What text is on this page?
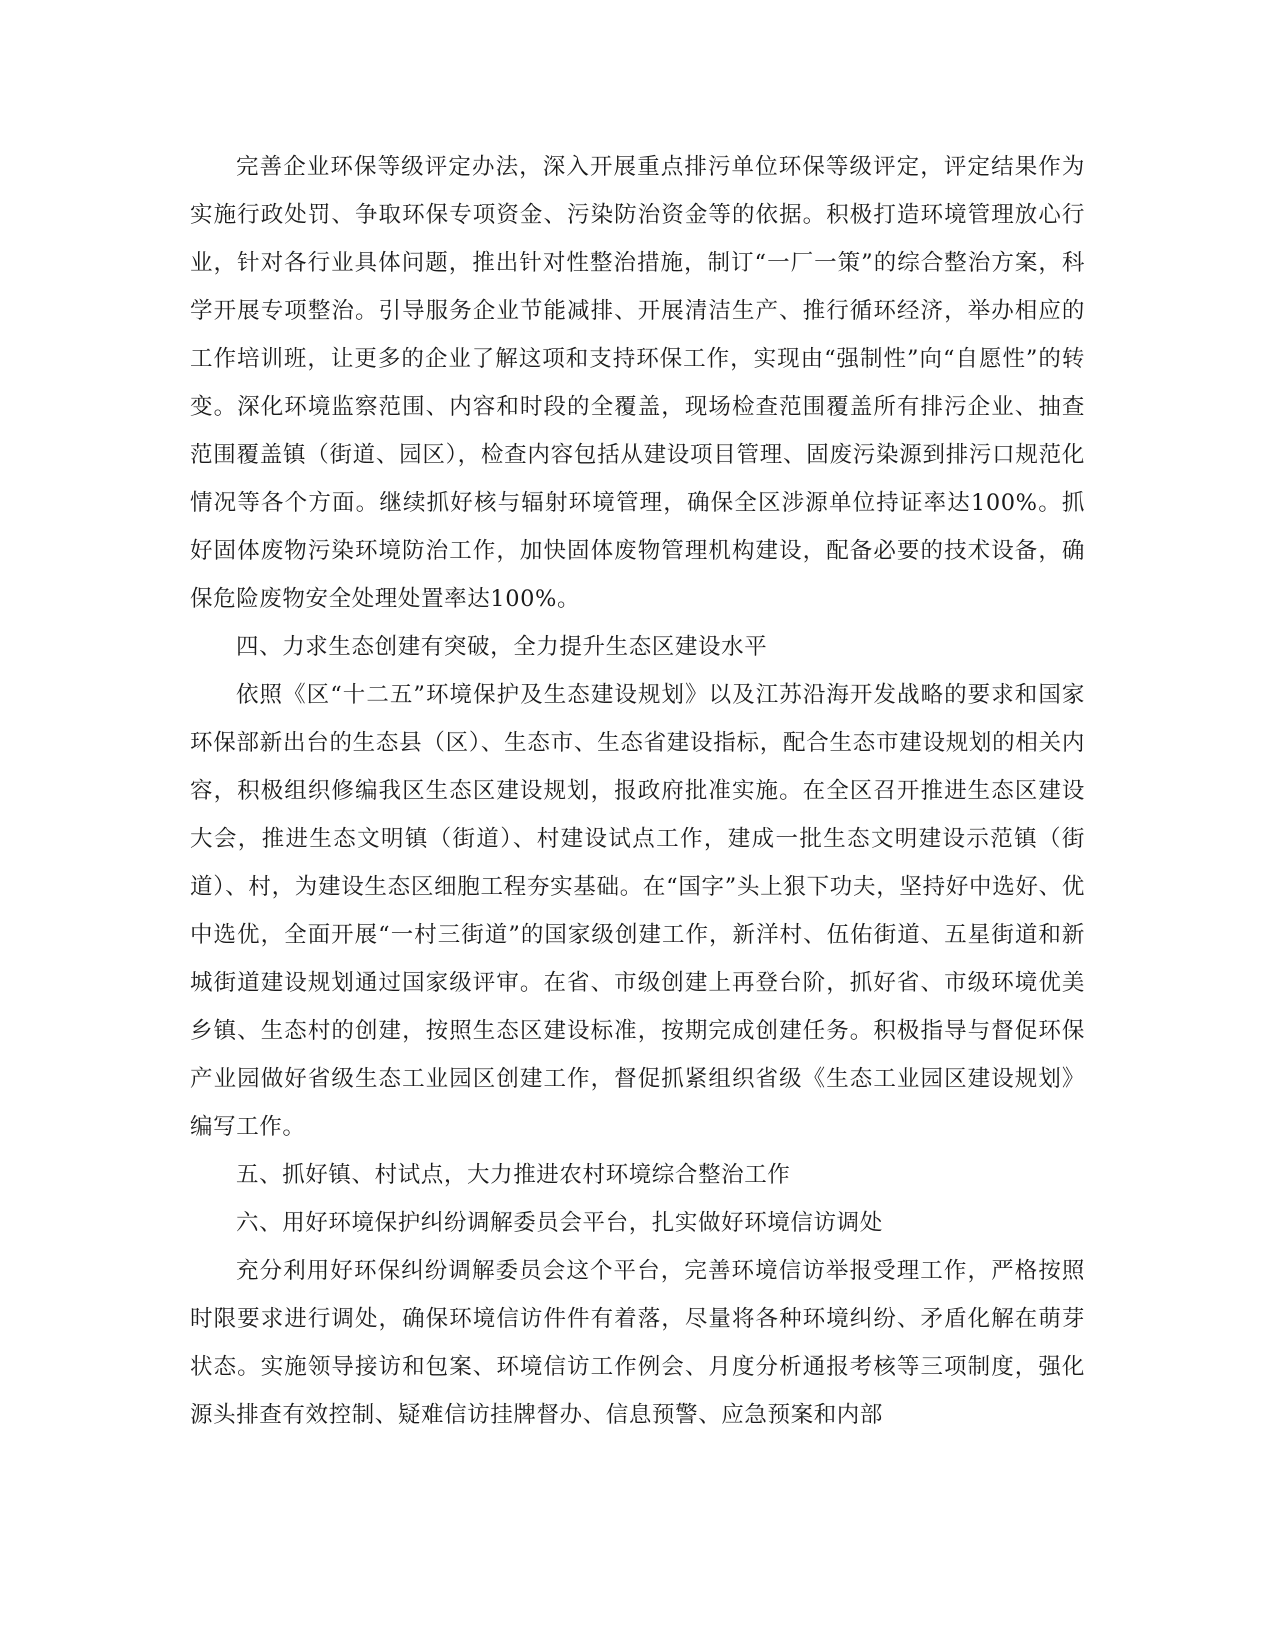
完善企业环保等级评定办法，深入开展重点排污单位环保等级评定，评定结果作为实施行政处罚、争取环保专项资金、污染防治资金等的依据。积极打造环境管理放心行业，针对各行业具体问题，推出针对性整治措施，制订“一厂一策”的综合整治方案，科学开展专项整治。引导服务企业节能减排、开展清洁生产、推行循环经济，举办相应的工作培训班，让更多的企业了解这项和支持环保工作，实现由“强制性”向“自愿性”的转变。深化环境监察范围、内容和时段的全覆盖，现场检查范围覆盖所有排污企业、抽查范围覆盖镇（街道、园区），检查内容包括从建设项目管理、固废污染源到排污口规范化情况等各个方面。继续抓好核与辐射环境管理，确保全区涉源单位持证率达100%。抓好固体废物污染环境防治工作，加快固体废物管理机构建设，配备必要的技术设备，确保危险废物安全处理处置率达100%。

四、力求生态创建有突破，全力提升生态区建设水平

依照《区“十二五”环境保护及生态建设规划》以及江苏沿海开发战略的要求和国家环保部新出台的生态县（区）、生态市、生态省建设指标，配合生态市建设规划的相关内容，积极组织修编我区生态区建设规划，报政府批准实施。在全区召开推进生态区建设大会，推进生态文明镇（街道）、村建设试点工作，建成一批生态文明建设示范镇（街道）、村，为建设生态区细胞工程夯实基础。在“国字”头上狠下功夫，坚持好中选好、优中选优，全面开展“一村三街道”的国家级创建工作，新洋村、伍佑街道、五星街道和新城街道建设规划通过国家级评审。在省、市级创建上再登台阶，抓好省、市级环境优美乡镇、生态村的创建，按照生态区建设标准，按期完成创建任务。积极指导与督促环保产业园做好省级生态工业园区创建工作，督促抓紧组织省级《生态工业园区建设规划》编写工作。

五、抓好镇、村试点，大力推进农村环境综合整治工作

六、用好环境保护纠纷调解委员会平台，扎实做好环境信访调处

充分利用好环保纠纷调解委员会这个平台，完善环境信访举报受理工作，严格按照时限要求进行调处，确保环境信访件件有着落，尽量将各种环境纠纷、矛盾化解在萌芽状态。实施领导接访和包案、环境信访工作例会、月度分析通报考核等三项制度，强化源头排查有效控制、疑难信访挂牌督办、信息预警、应急预案和内部
